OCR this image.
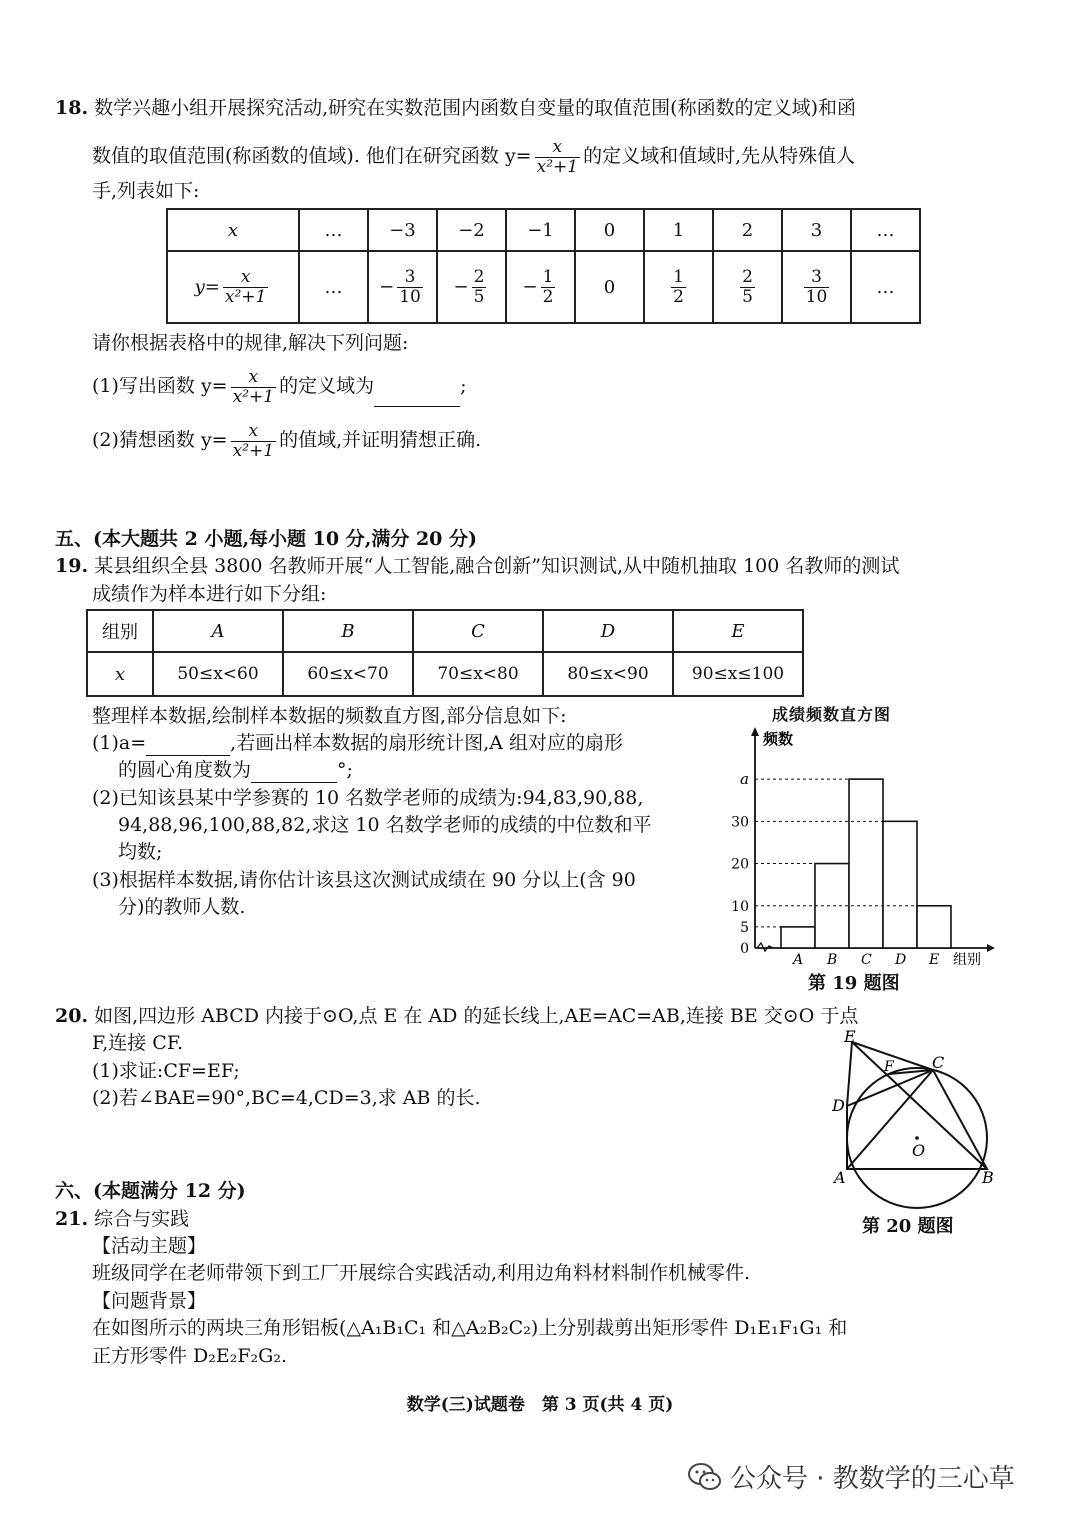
18. 数学兴趣小组开展探究活动,研究在实数范围内函数自变量的取值范围(称函数的定义域)和函
数值的取值范围(称函数的值域). 他们在研究函数 $y= \frac{x}{\text{x²+1}}$ 的定义域和值域时,先从特殊值人
手,列表如下:
x	…	−3	−2	−1	0	1	2	3	…
$y= \frac{x}{\text{x²+1}}$	…	− $\frac{3}{10}$	− $\frac{2}{5}$	− $\frac{1}{2}$	0	$\frac{1}{2}$	$\frac{2}{5}$	$\frac{3}{10}$	…
请你根据表格中的规律,解决下列问题:
(1)写出函数 $y= \frac{x}{\text{x²+1}}$ 的定义域为	;
(2)猜想函数 $y= \frac{x}{\text{x²+1}}$ 的值域,并证明猜想正确.
五、(本大题共 2 小题,每小题 10 分,满分 20 分)
19. 某县组织全县 3800 名教师开展“人工智能,融合创新”知识测试,从中随机抽取 100 名教师的测试
成绩作为样本进行如下分组:
组别	A	B	C	D	E
x	50≤x<60	60≤x<70	70≤x<80	80≤x<90	90≤x≤100
整理样本数据,绘制样本数据的频数直方图,部分信息如下:
(1)a=	,若画出样本数据的扇形统计图,A 组对应的扇形
的圆心角度数为	°;
(2)已知该县某中学参赛的 10 名数学老师的成绩为:94,83,90,88,
94,88,96,100,88,82,求这 10 名数学老师的成绩的中位数和平
均数;
(3)根据样本数据,请你估计该县这次测试成绩在 90 分以上(含 90
分)的教师人数.
成绩频数直方图
频数
A B C D E
0
5
10
20
30
a
组别
第 19 题图
20. 如图,四边形 ABCD 内接于⊙O,点 E 在 AD 的延长线上,AE=AC=AB,连接 BE 交⊙O 于点
F,连接 CF.
(1)求证:CF=EF;
(2)若∠BAE=90°,BC=4,CD=3,求 AB 的长.
E
F C
D
O
A	B
第 20 题图
六、(本题满分 12 分)
21. 综合与实践
【活动主题】
班级同学在老师带领下到工厂开展综合实践活动,利用边角料材料制作机械零件.
【问题背景】
在如图所示的两块三角形铝板(△A₁B₁C₁ 和△A₂B₂C₂)上分别裁剪出矩形零件 D₁E₁F₁G₁ 和
正方形零件 D₂E₂F₂G₂.
数学(三)试题卷　第 3 页(共 4 页)
公众号 · 教数学的三心草
